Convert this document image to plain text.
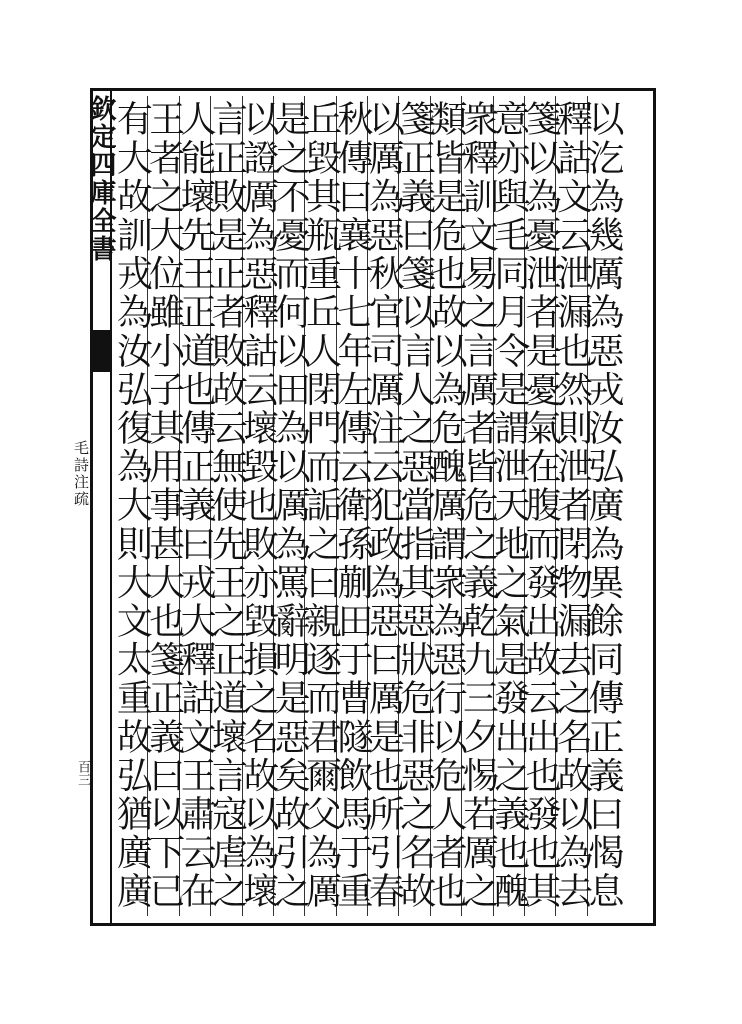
欽定四庫全書
毛詩注疏
百三	以汔為幾厲為惡戎汝弘廣為異餘同傳正義曰愒息
釋詁文云泄漏也然則泄者閉物漏去之名故以為去
箋以為憂泄者是憂氣在腹而發出故云出也發也其
意亦與毛同月令是謂泄天地之氣是發出之義也醜
衆釋訓文易之言厲者皆危之義乾九三夕惕若厲之
類皆是危也故以為危醜厲謂衆為惡行以危人者也
箋正義曰箋以言人之惡當指其惡狀危非惡之名故
以厲為惡秋官司厲注云犯政為惡曰厲是也所引春
秋傳曰襄十七年左傳云衛孫蒯田于曹隧飲馬于重
丘毀其瓶重丘人閉門而詬之曰親逐而君爾父為厲
是之不憂而何以田為以厲為罵辭明是惡矣故引之
以證厲為惡釋詁云壞毀也敗亦毀損之名故以為壞
言正敗是正者敗故云無使先王之正道壞言寇虐之
人能壞先王正道也傳正義曰戎大釋詁文王肅云在
王者之大位雖小子其用事甚大也箋正義曰以下已
有大故訓戎為汝弘復為大則大文太重故弘猶廣廣
